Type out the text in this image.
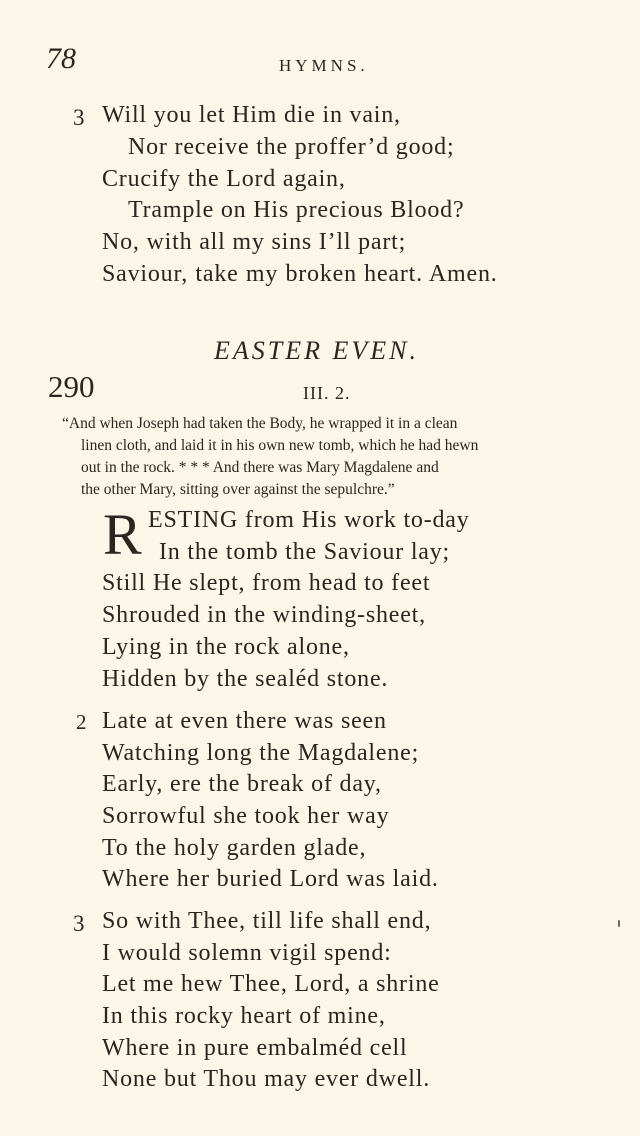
78	HYMNS.
3 Will you let Him die in vain,
Nor receive the proffer’d good;
Crucify the Lord again,
Trample on His precious Blood?
No, with all my sins I’ll part;
Saviour, take my broken heart. Amen.
EASTER EVEN.
290	III. 2.
“And when Joseph had taken the Body, he wrapped it in a clean
linen cloth, and laid it in his own new tomb, which he had hewn
out in the rock. * * * And there was Mary Magdalene and
the other Mary, sitting over against the sepulchre.”
R ESTING from His work to-day
In the tomb the Saviour lay;
Still He slept, from head to feet
Shrouded in the winding-sheet,
Lying in the rock alone,
Hidden by the sealéd stone.
2 Late at even there was seen
Watching long the Magdalene;
Early, ere the break of day,
Sorrowful she took her way
To the holy garden glade,
Where her buried Lord was laid.
3 So with Thee, till life shall end,
I would solemn vigil spend:
Let me hew Thee, Lord, a shrine
In this rocky heart of mine,
Where in pure embalméd cell
None but Thou may ever dwell.
